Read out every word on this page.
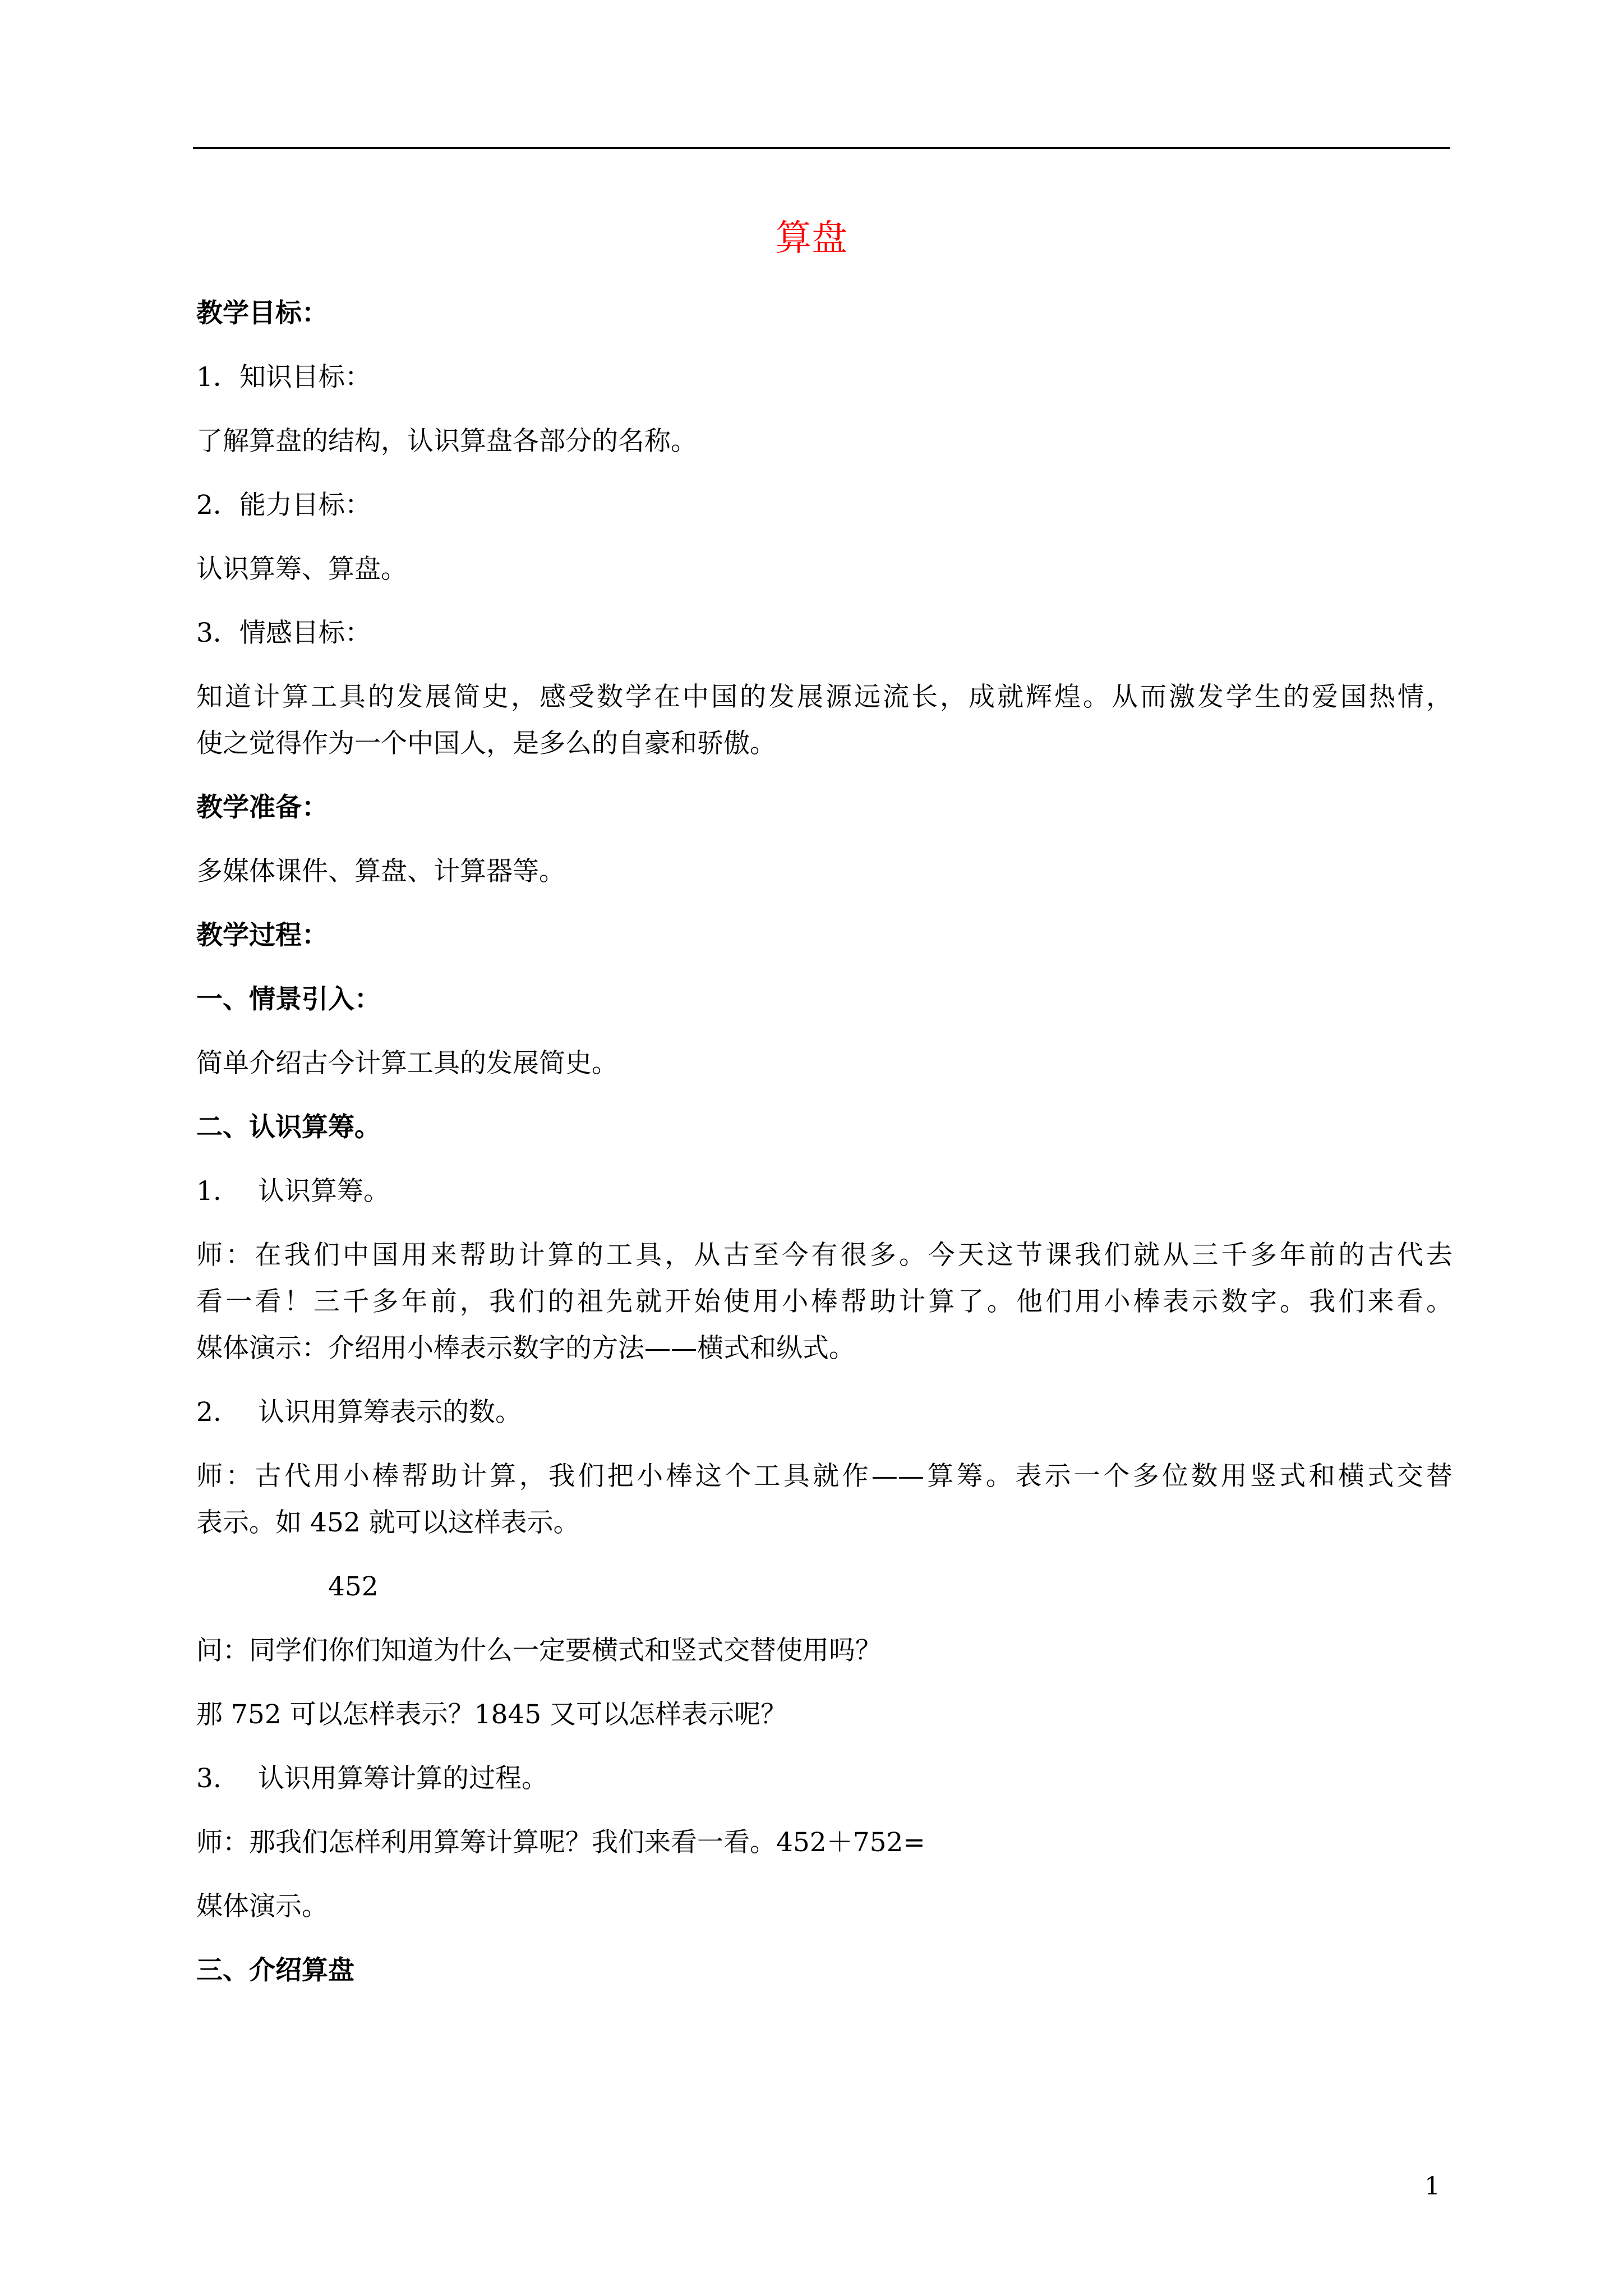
算盘
教学目标：
1．知识目标：
了解算盘的结构，认识算盘各部分的名称。
2．能力目标：
认识算筹、算盘。
3．情感目标：
知道计算工具的发展简史，感受数学在中国的发展源远流长，成就辉煌。从而激发学生的爱国热情，
使之觉得作为一个中国人，是多么的自豪和骄傲。
教学准备：
多媒体课件、算盘、计算器等。
教学过程：
一、情景引入：
简单介绍古今计算工具的发展简史。
二、认识算筹。
1. 认识算筹。
师：在我们中国用来帮助计算的工具，从古至今有很多。今天这节课我们就从三千多年前的古代去
看一看！三千多年前，我们的祖先就开始使用小棒帮助计算了。他们用小棒表示数字。我们来看。
媒体演示：介绍用小棒表示数字的方法——横式和纵式。
2. 认识用算筹表示的数。
师：古代用小棒帮助计算，我们把小棒这个工具就作——算筹。表示一个多位数用竖式和横式交替
表示。如 452 就可以这样表示。
452
问：同学们你们知道为什么一定要横式和竖式交替使用吗？
那 752 可以怎样表示？1845 又可以怎样表示呢？
3. 认识用算筹计算的过程。
师：那我们怎样利用算筹计算呢？我们来看一看。452＋752=
媒体演示。
三、介绍算盘
1
